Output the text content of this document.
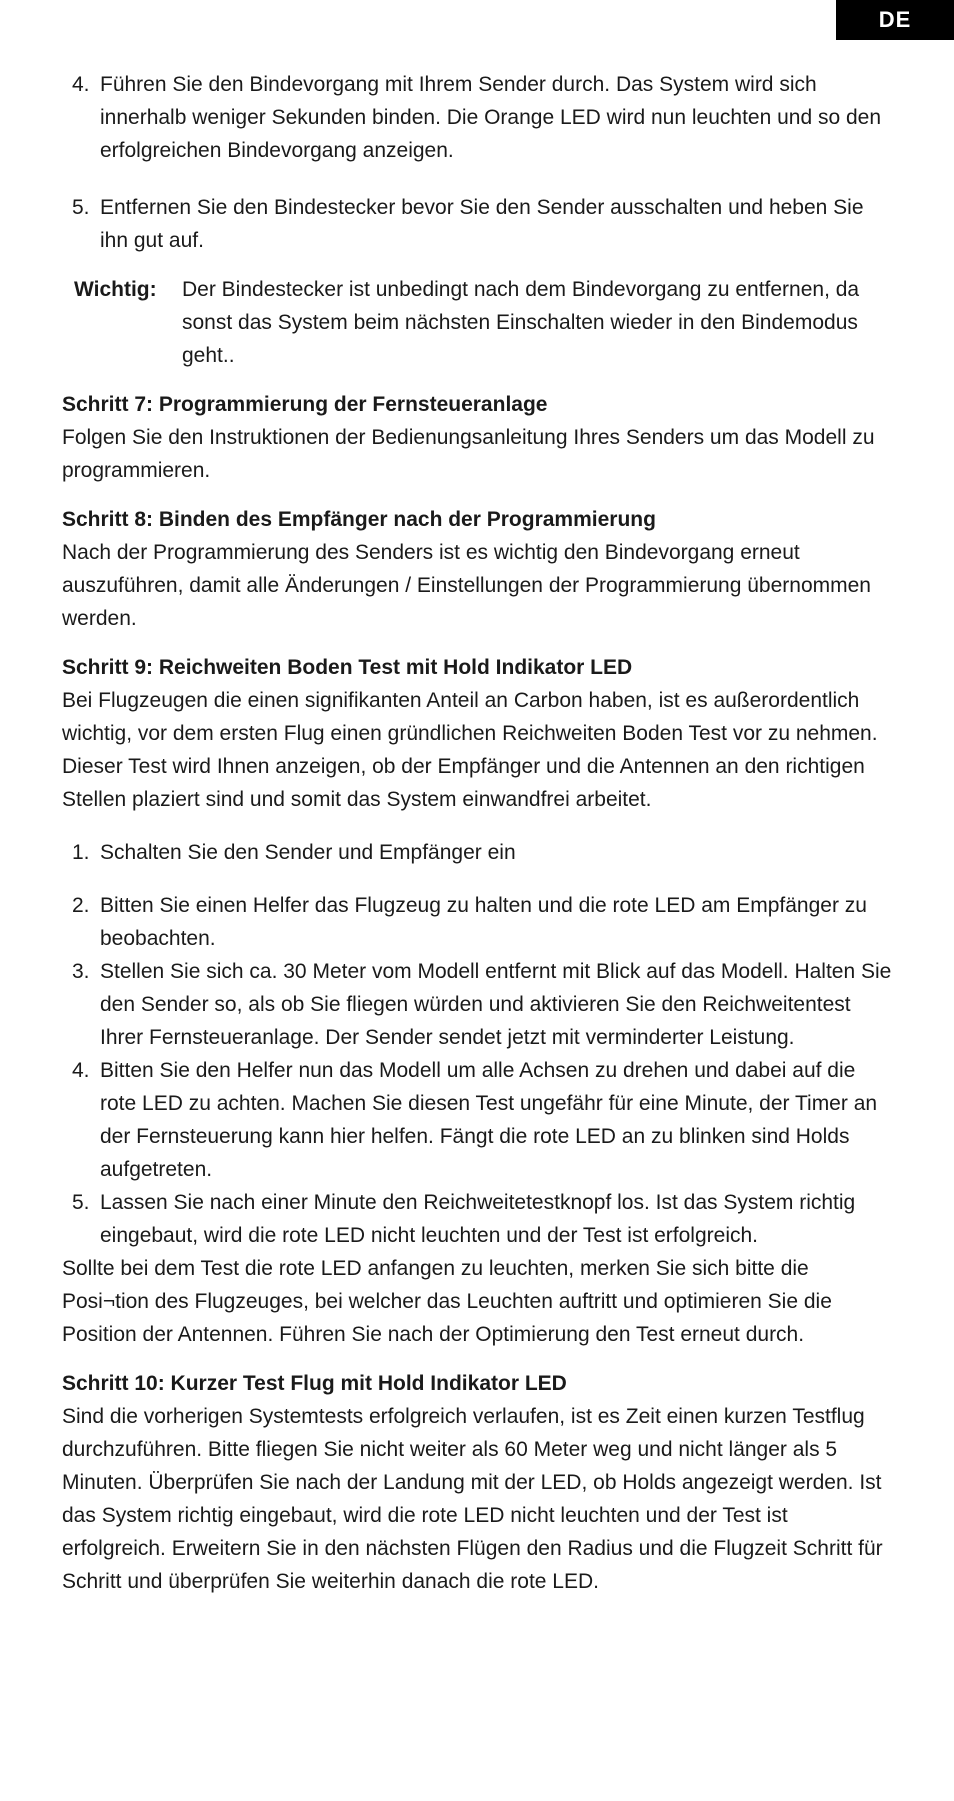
DE
4. Führen Sie den Bindevorgang mit Ihrem Sender durch. Das System wird sich innerhalb weniger Sekunden binden. Die Orange LED wird nun leuchten und so den erfolgreichen Bindevorgang anzeigen.
5. Entfernen Sie den Bindestecker bevor Sie den Sender ausschalten und heben Sie ihn gut auf.
Wichtig: Der Bindestecker ist unbedingt nach dem Bindevorgang zu entfernen, da sonst das System beim nächsten Einschalten wieder in den Bindemodus geht..
Schritt 7: Programmierung der Fernsteueranlage

Folgen Sie den Instruktionen der Bedienungsanleitung Ihres Senders um das Modell zu programmieren.

Schritt 8: Binden des Empfänger nach der Programmierung

Nach der Programmierung des Senders ist es wichtig den Bindevorgang erneut auszuführen, damit alle Änderungen / Einstellungen der Programmierung übernommen werden.

Schritt 9: Reichweiten Boden Test mit Hold Indikator LED

Bei Flugzeugen die einen signifikanten Anteil an Carbon haben, ist es außerordentlich wichtig, vor dem ersten Flug einen gründlichen Reichweiten Boden Test vor zu nehmen. Dieser Test wird Ihnen anzeigen, ob der Empfänger und die Antennen an den richtigen Stellen plaziert sind und somit das System einwandfrei arbeitet.

1. Schalten Sie den Sender und Empfänger ein
2. Bitten Sie einen Helfer das Flugzeug zu halten und die rote LED am Empfänger zu beobachten.
3. Stellen Sie sich ca. 30 Meter vom Modell entfernt mit Blick auf das Modell. Halten Sie den Sender so, als ob Sie fliegen würden und aktivieren Sie den Reichweitentest Ihrer Fernsteueranlage. Der Sender sendet jetzt mit verminderter Leistung.
4. Bitten Sie den Helfer nun das Modell um alle Achsen zu drehen und dabei auf die rote LED zu achten. Machen Sie diesen Test ungefähr für eine Minute, der Timer an der Fernsteuerung kann hier helfen. Fängt die rote LED an zu blinken sind Holds aufgetreten.
5. Lassen Sie nach einer Minute den Reichweitetestknopf los. Ist das System richtig eingebaut, wird die rote LED nicht leuchten und der Test ist erfolgreich.

Sollte bei dem Test die rote LED anfangen zu leuchten, merken Sie sich bitte die Posi¬tion des Flugzeuges, bei welcher das Leuchten auftritt und optimieren Sie die Position der Antennen. Führen Sie nach der Optimierung den Test erneut durch.

Schritt 10: Kurzer Test Flug mit Hold Indikator LED

Sind die vorherigen Systemtests erfolgreich verlaufen, ist es Zeit einen kurzen Testflug durchzuführen. Bitte fliegen Sie nicht weiter als 60 Meter weg und nicht länger als 5 Minuten. Überprüfen Sie nach der Landung mit der LED, ob Holds angezeigt werden. Ist das System richtig eingebaut, wird die rote LED nicht leuchten und der Test ist erfolgreich. Erweitern Sie in den nächsten Flügen den Radius und die Flugzeit Schritt für Schritt und überprüfen Sie weiterhin danach die rote LED.
